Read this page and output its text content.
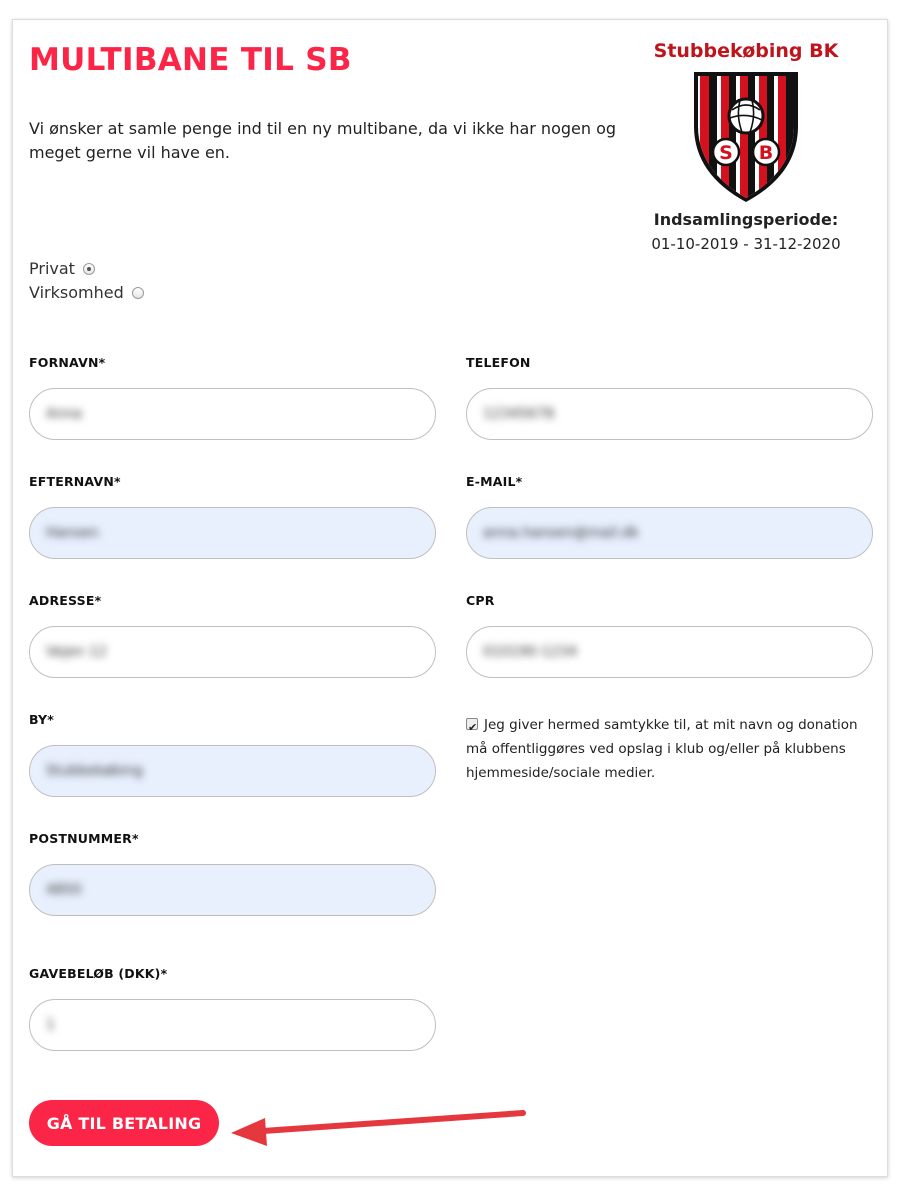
MULTIBANE TIL SB

Vi ønsker at samle penge ind til en ny multibane, da vi ikke har nogen og meget gerne vil have en.

Stubbekøbing BK
S B
Indsamlingsperiode:
01-10-2019 - 31-12-2020
Privat
Virksomhed
FORNAVN*
Anna
TELEFON
12345678
EFTERNAVN*
Hansen
E-MAIL*
anna.hansen@mail.dk
ADRESSE*
Vejen 12
CPR
010190-1234
BY*
Stubbekøbing
✔Jeg giver hermed samtykke til, at mit navn og donation må offentliggøres ved opslag i klub og/eller på klubbens hjemmeside/sociale medier.
POSTNUMMER*
4850
GAVEBELØB (DKK)*
1
GÅ TIL BETALING
